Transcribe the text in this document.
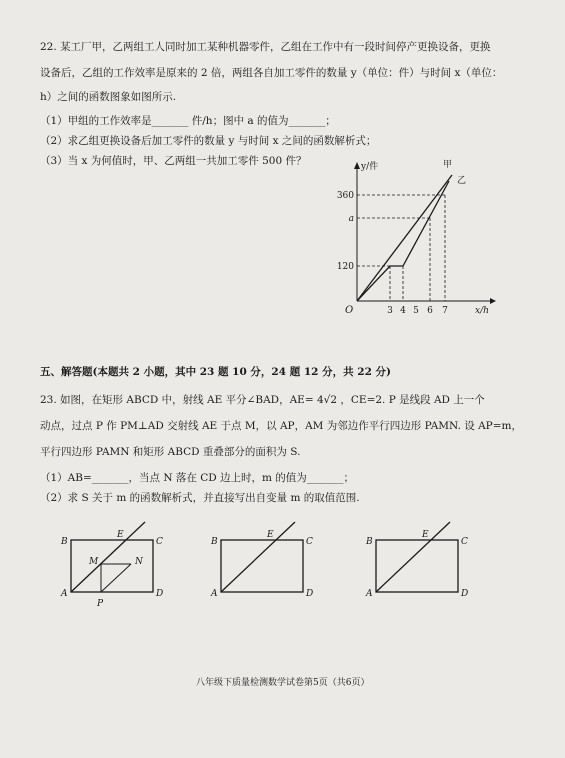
22. 某工厂甲，乙两组工人同时加工某种机器零件，乙组在工作中有一段时间停产更换设备，更换
设备后，乙组的工作效率是原来的 2 倍，两组各自加工零件的数量 y（单位：件）与时间 x（单位：
h）之间的函数图象如图所示.
（1）甲组的工作效率是_______ 件/h；图中 a 的值为_______；
（2）求乙组更换设备后加工零件的数量 y 与时间 x 之间的函数解析式；
（3）当 x 为何值时，甲、乙两组一共加工零件 500 件？	y/件
x/h
O
甲
乙
360
a
120
3 4 5 6 7
五、解答题(本题共 2 小题，其中 23 题 10 分，24 题 12 分，共 22 分)
23. 如图，在矩形 ABCD 中，射线 AE 平分∠BAD，AE= 4√2 ，CE=2. P 是线段 AD 上一个
动点，过点 P 作 PM⊥AD 交射线 AE 于点 M，以 AP，AM 为邻边作平行四边形 PAMN. 设 AP=m，
平行四边形 PAMN 和矩形 ABCD 重叠部分的面积为 S.
（1）AB=_______，当点 N 落在 CD 边上时，m 的值为_______；
（2）求 S 关于 m 的函数解析式，并直接写出自变量 m 的取值范围.
B
E
C
A	D
M	N
P
B
E
C
A	D
B
E
C
A	D
八年级下质量检测数学试卷第5页（共6页）
